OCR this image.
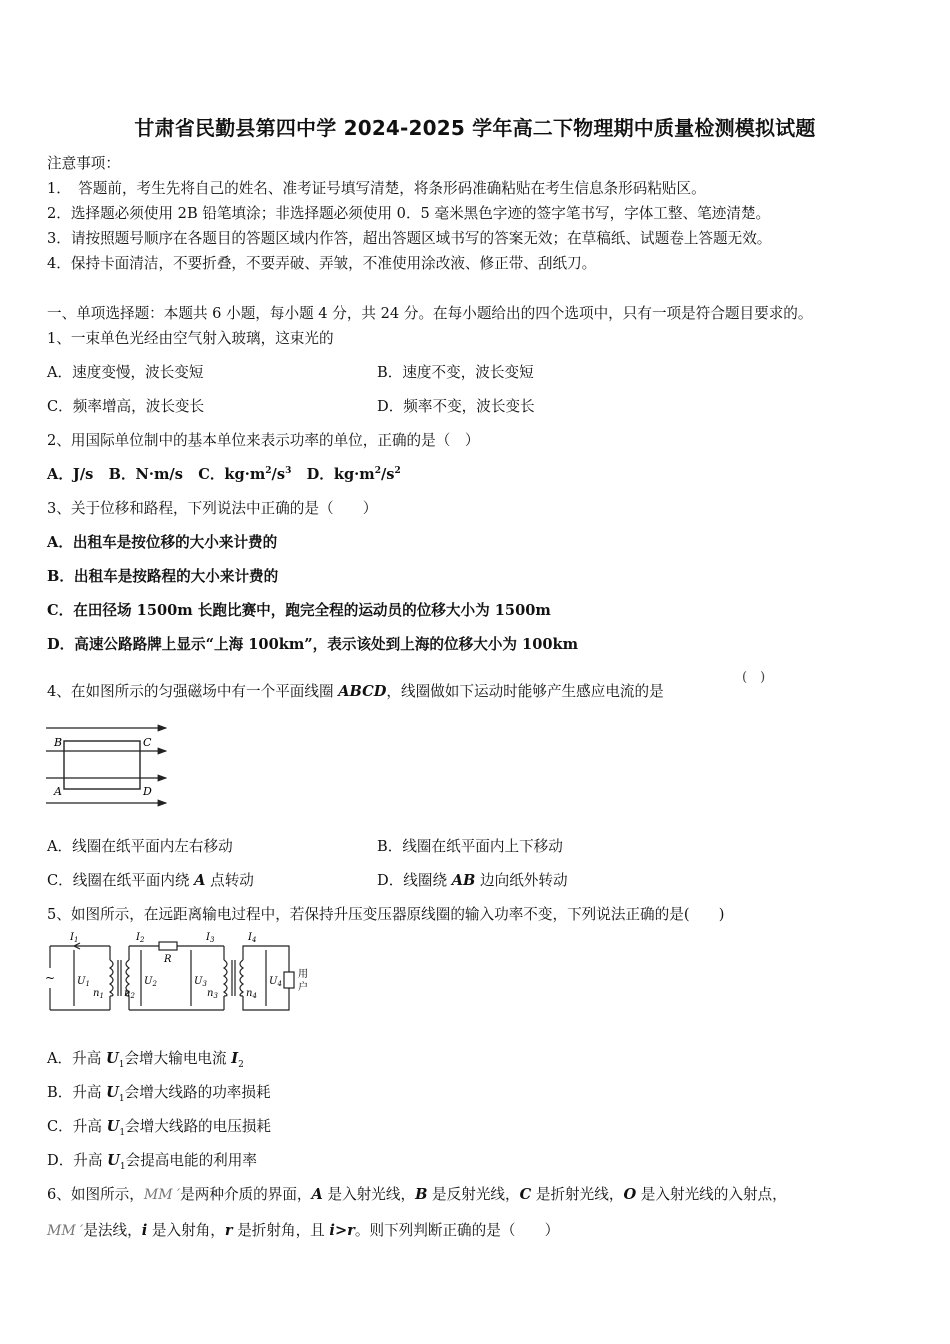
甘肃省民勤县第四中学 2024-2025 学年高二下物理期中质量检测模拟试题
注意事项：
1．　答题前，考生先将自己的姓名、准考证号填写清楚，将条形码准确粘贴在考生信息条形码粘贴区。
2．选择题必须使用 2B 铅笔填涂；非选择题必须使用 0．5 毫米黑色字迹的签字笔书写，字体工整、笔迹清楚。
3．请按照题号顺序在各题目的答题区域内作答，超出答题区域书写的答案无效；在草稿纸、试题卷上答题无效。
4．保持卡面清洁，不要折叠，不要弄破、弄皱，不准使用涂改液、修正带、刮纸刀。
一、单项选择题：本题共 6 小题，每小题 4 分，共 24 分。在每小题给出的四个选项中，只有一项是符合题目要求的。
1、一束单色光经由空气射入玻璃，这束光的
A．速度变慢，波长变短	B．速度不变，波长变短
C．频率增高，波长变长	D．频率不变，波长变长
2、用国际单位制中的基本单位来表示功率的单位，正确的是（　）
A．J/s B．N·m/s C．$kg\cdot m^2/s^3$ D．$kg\cdot m^2/s^2$
3、关于位移和路程，下列说法中正确的是（　　）
A．出租车是按位移的大小来计费的
B．出租车是按路程的大小来计费的
C．在田径场 1500m 长跑比赛中，跑完全程的运动员的位移大小为 1500m
D．高速公路路牌上显示“上海 100km”，表示该处到上海的位移大小为 100km
4、在如图所示的匀强磁场中有一个平面线圈 ABCD，线圈做如下运动时能够产生感应电流的是
(　)
B	C
A	D
A．线圈在纸平面内左右移动	B．线圈在纸平面内上下移动
C．线圈在纸平面内绕 A 点转动	D．线圈绕 AB 边向纸外转动
5、如图所示，在远距离输电过程中，若保持升压变压器原线圈的输入功率不变，下列说法正确的是(　　)
~
$I_1$	$I_2$	$I_3$	$I_4$
R
$U_1$	$U_2$	$U_3$	$U_4$
$n_1$ $n_2$	$n_3$	$n_4$
用
户
A．升高 $U_1$会增大输电电流 $I_2$
B．升高 $U_1$会增大线路的功率损耗
C．升高 $U_1$会增大线路的电压损耗
D．升高 $U_1$会提高电能的利用率
6、如图所示，MM ′是两种介质的界面，A 是入射光线，B 是反射光线，C 是折射光线，O 是入射光线的入射点，
MM ′是法线，i 是入射角，r 是折射角，且 i>r。则下列判断正确的是（　　）
